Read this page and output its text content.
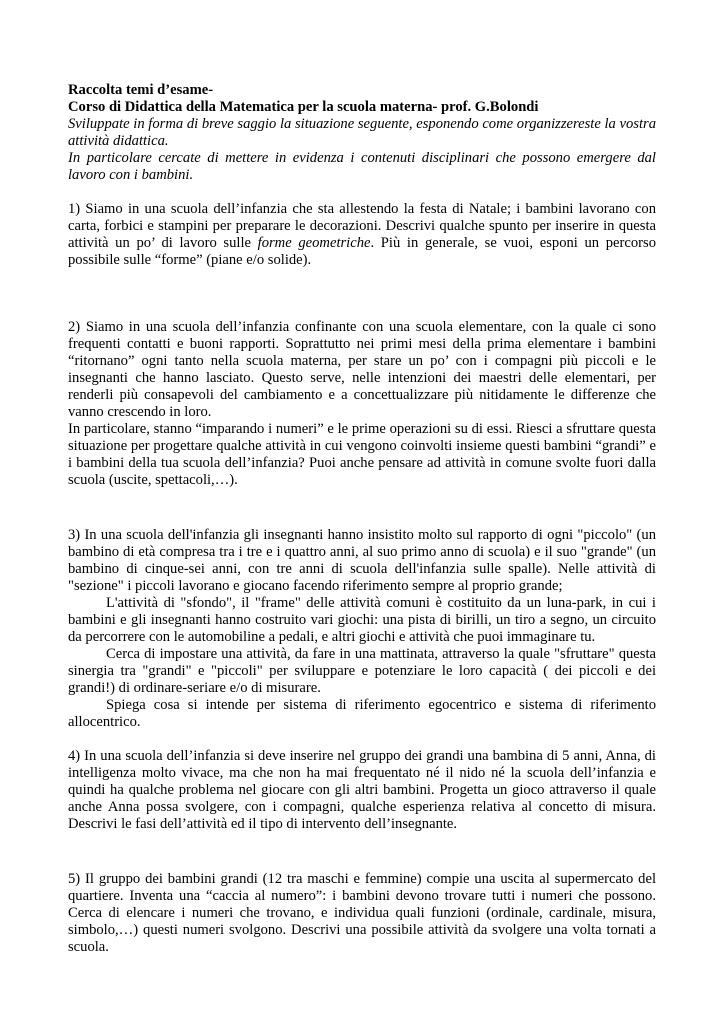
Raccolta temi d’esame-

Corso di Didattica della Matematica per la scuola materna- prof. G.Bolondi

Sviluppate in forma di breve saggio la situazione seguente, esponendo come organizzereste la vostra attività didattica.

In particolare cercate di mettere in evidenza i contenuti disciplinari che possono emergere dal lavoro con i bambini.

1) Siamo in una scuola dell’infanzia che sta allestendo la festa di Natale; i bambini lavorano con carta, forbici e stampini per preparare le decorazioni. Descrivi qualche spunto per inserire in questa attività un po’ di lavoro sulle forme geometriche. Più in generale, se vuoi, esponi un percorso possibile sulle “forme” (piane e/o solide).

2) Siamo in una scuola dell’infanzia confinante con una scuola elementare, con la quale ci sono frequenti contatti e buoni rapporti. Soprattutto nei primi mesi della prima elementare i bambini “ritornano” ogni tanto nella scuola materna, per stare un po’ con i compagni più piccoli e le insegnanti che hanno lasciato. Questo serve, nelle intenzioni dei maestri delle elementari, per renderli più consapevoli del cambiamento e a concettualizzare più nitidamente le differenze che vanno crescendo in loro.

In particolare, stanno “imparando i numeri” e le prime operazioni su di essi. Riesci a sfruttare questa situazione per progettare qualche attività in cui vengono coinvolti insieme questi bambini “grandi” e i bambini della tua scuola dell’infanzia? Puoi anche pensare ad attività in comune svolte fuori dalla scuola (uscite, spettacoli,…).

3) In una scuola dell'infanzia gli insegnanti hanno insistito molto sul rapporto di ogni "piccolo" (un bambino di età compresa tra i tre e i quattro anni, al suo primo anno di scuola) e il suo "grande" (un bambino di cinque-sei anni, con tre anni di scuola dell'infanzia sulle spalle). Nelle attività di "sezione" i piccoli lavorano e giocano facendo riferimento sempre al proprio grande;

L'attività di "sfondo", il "frame" delle attività comuni è costituito da un luna-park, in cui i bambini e gli insegnanti hanno costruito vari giochi: una pista di birilli, un tiro a segno, un circuito da percorrere con le automobiline a pedali, e altri giochi e attività che puoi immaginare tu.

Cerca di impostare una attività, da fare in una mattinata, attraverso la quale "sfruttare" questa sinergia tra "grandi" e "piccoli" per sviluppare e potenziare le loro capacità ( dei piccoli e dei grandi!) di ordinare-seriare e/o di misurare.

Spiega cosa si intende per sistema di riferimento egocentrico e sistema di riferimento allocentrico.

4) In una scuola dell’infanzia si deve inserire nel gruppo dei grandi una bambina di 5 anni, Anna, di intelligenza molto vivace, ma che non ha mai frequentato né il nido né la scuola dell’infanzia e quindi ha qualche problema nel giocare con gli altri bambini. Progetta un gioco attraverso il quale anche Anna possa svolgere, con i compagni, qualche esperienza relativa al concetto di misura. Descrivi le fasi dell’attività ed il tipo di intervento dell’insegnante.

5) Il gruppo dei bambini grandi (12 tra maschi e femmine) compie una uscita al supermercato del quartiere. Inventa una “caccia al numero”: i bambini devono trovare tutti i numeri che possono. Cerca di elencare i numeri che trovano, e individua quali funzioni (ordinale, cardinale, misura, simbolo,…) questi numeri svolgono. Descrivi una possibile attività da svolgere una volta tornati a scuola.
